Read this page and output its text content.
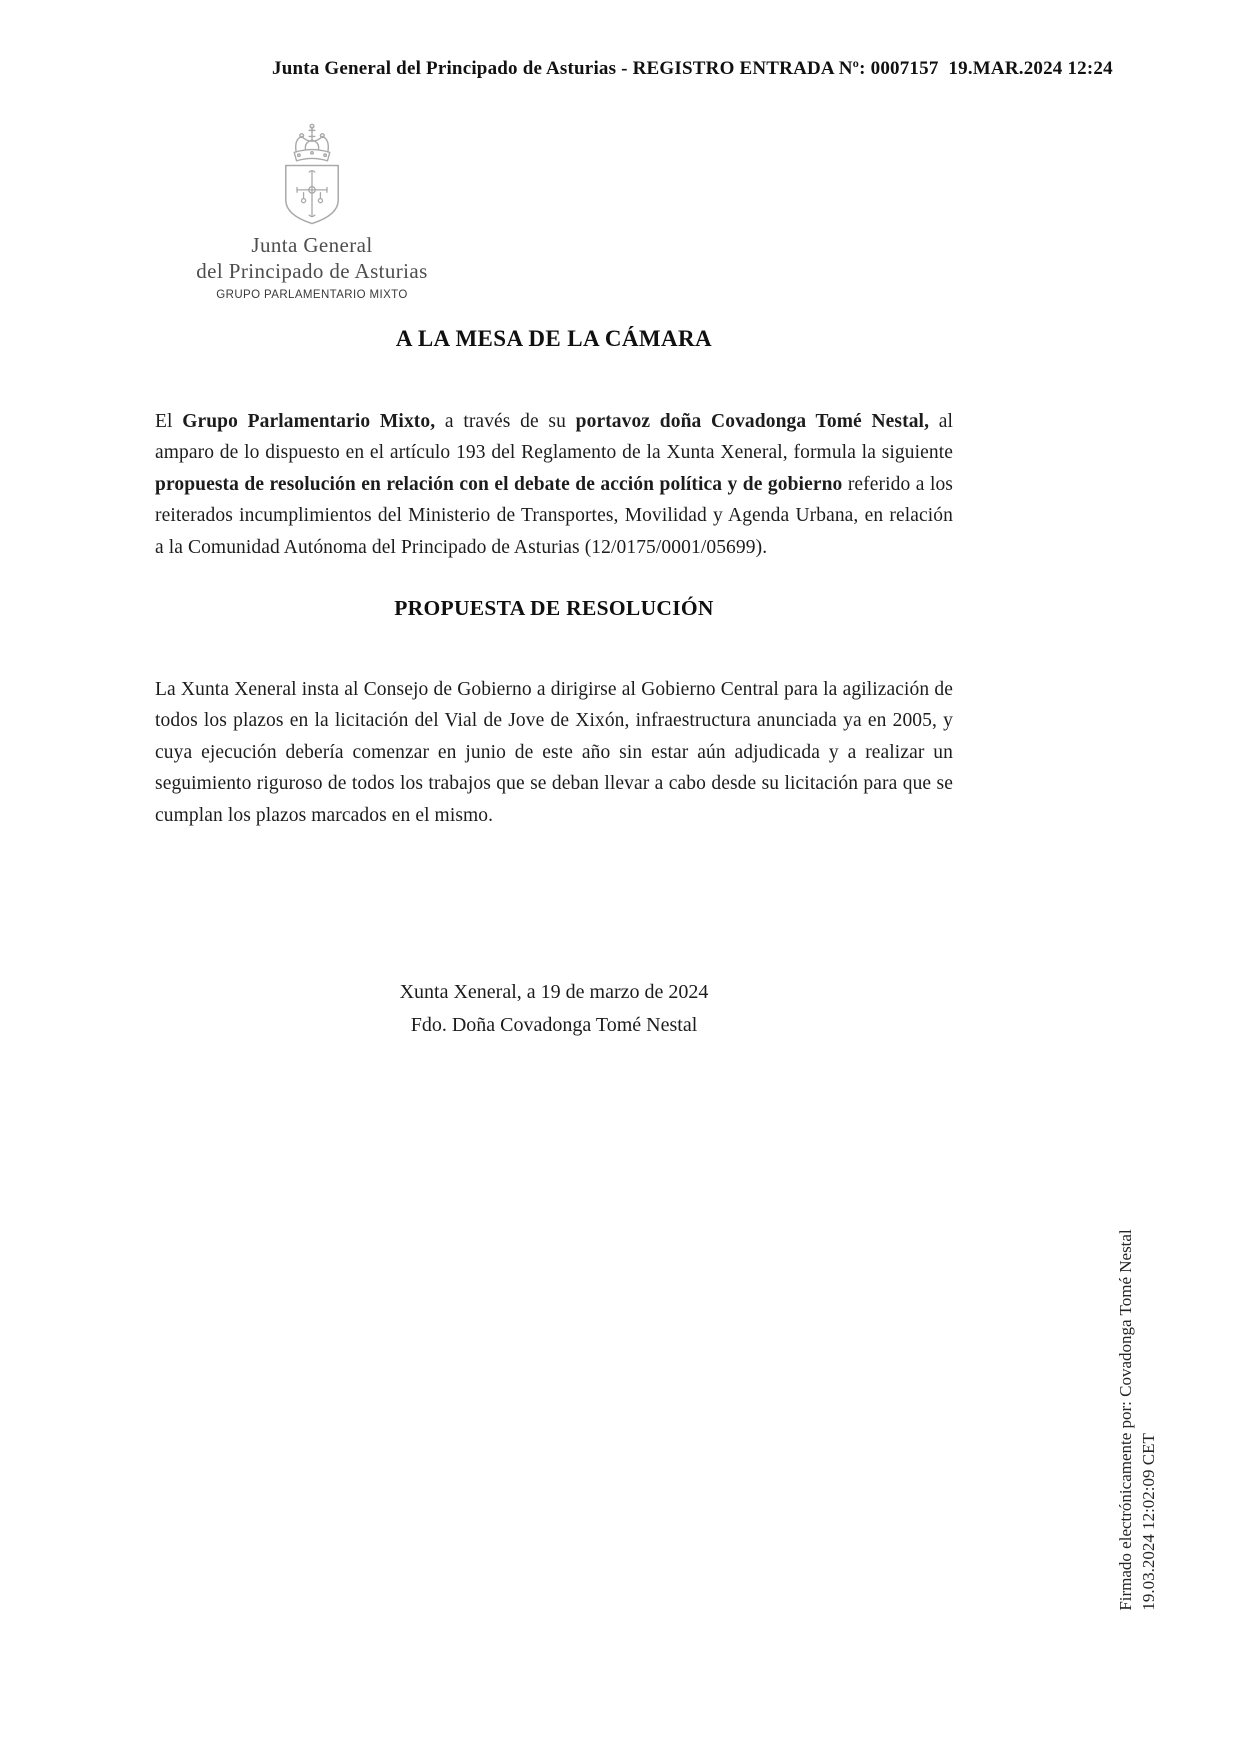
Junta General del Principado de Asturias - REGISTRO ENTRADA Nº: 0007157  19.MAR.2024 12:24
Junta General
del Principado de Asturias
GRUPO PARLAMENTARIO MIXTO
A LA MESA DE LA CÁMARA

El Grupo Parlamentario Mixto, a través de su portavoz doña Covadonga Tomé Nestal, al amparo de lo dispuesto en el artículo 193 del Reglamento de la Xunta Xeneral, formula la siguiente propuesta de resolución en relación con el debate de acción política y de gobierno referido a los reiterados incumplimientos del Ministerio de Transportes, Movilidad y Agenda Urbana, en relación a la Comunidad Autónoma del Principado de Asturias (12/0175/0001/05699).

PROPUESTA DE RESOLUCIÓN

La Xunta Xeneral insta al Consejo de Gobierno a dirigirse al Gobierno Central para la agilización de todos los plazos en la licitación del Vial de Jove de Xixón, infraestructura anunciada ya en 2005, y cuya ejecución debería comenzar en junio de este año sin estar aún adjudicada y a realizar un seguimiento riguroso de todos los trabajos que se deban llevar a cabo desde su licitación para que se cumplan los plazos marcados en el mismo.

Xunta Xeneral, a 19 de marzo de 2024
Fdo. Doña Covadonga Tomé Nestal
Firmado electrónicamente por: Covadonga Tomé Nestal 19.03.2024 12:02:09 CET
